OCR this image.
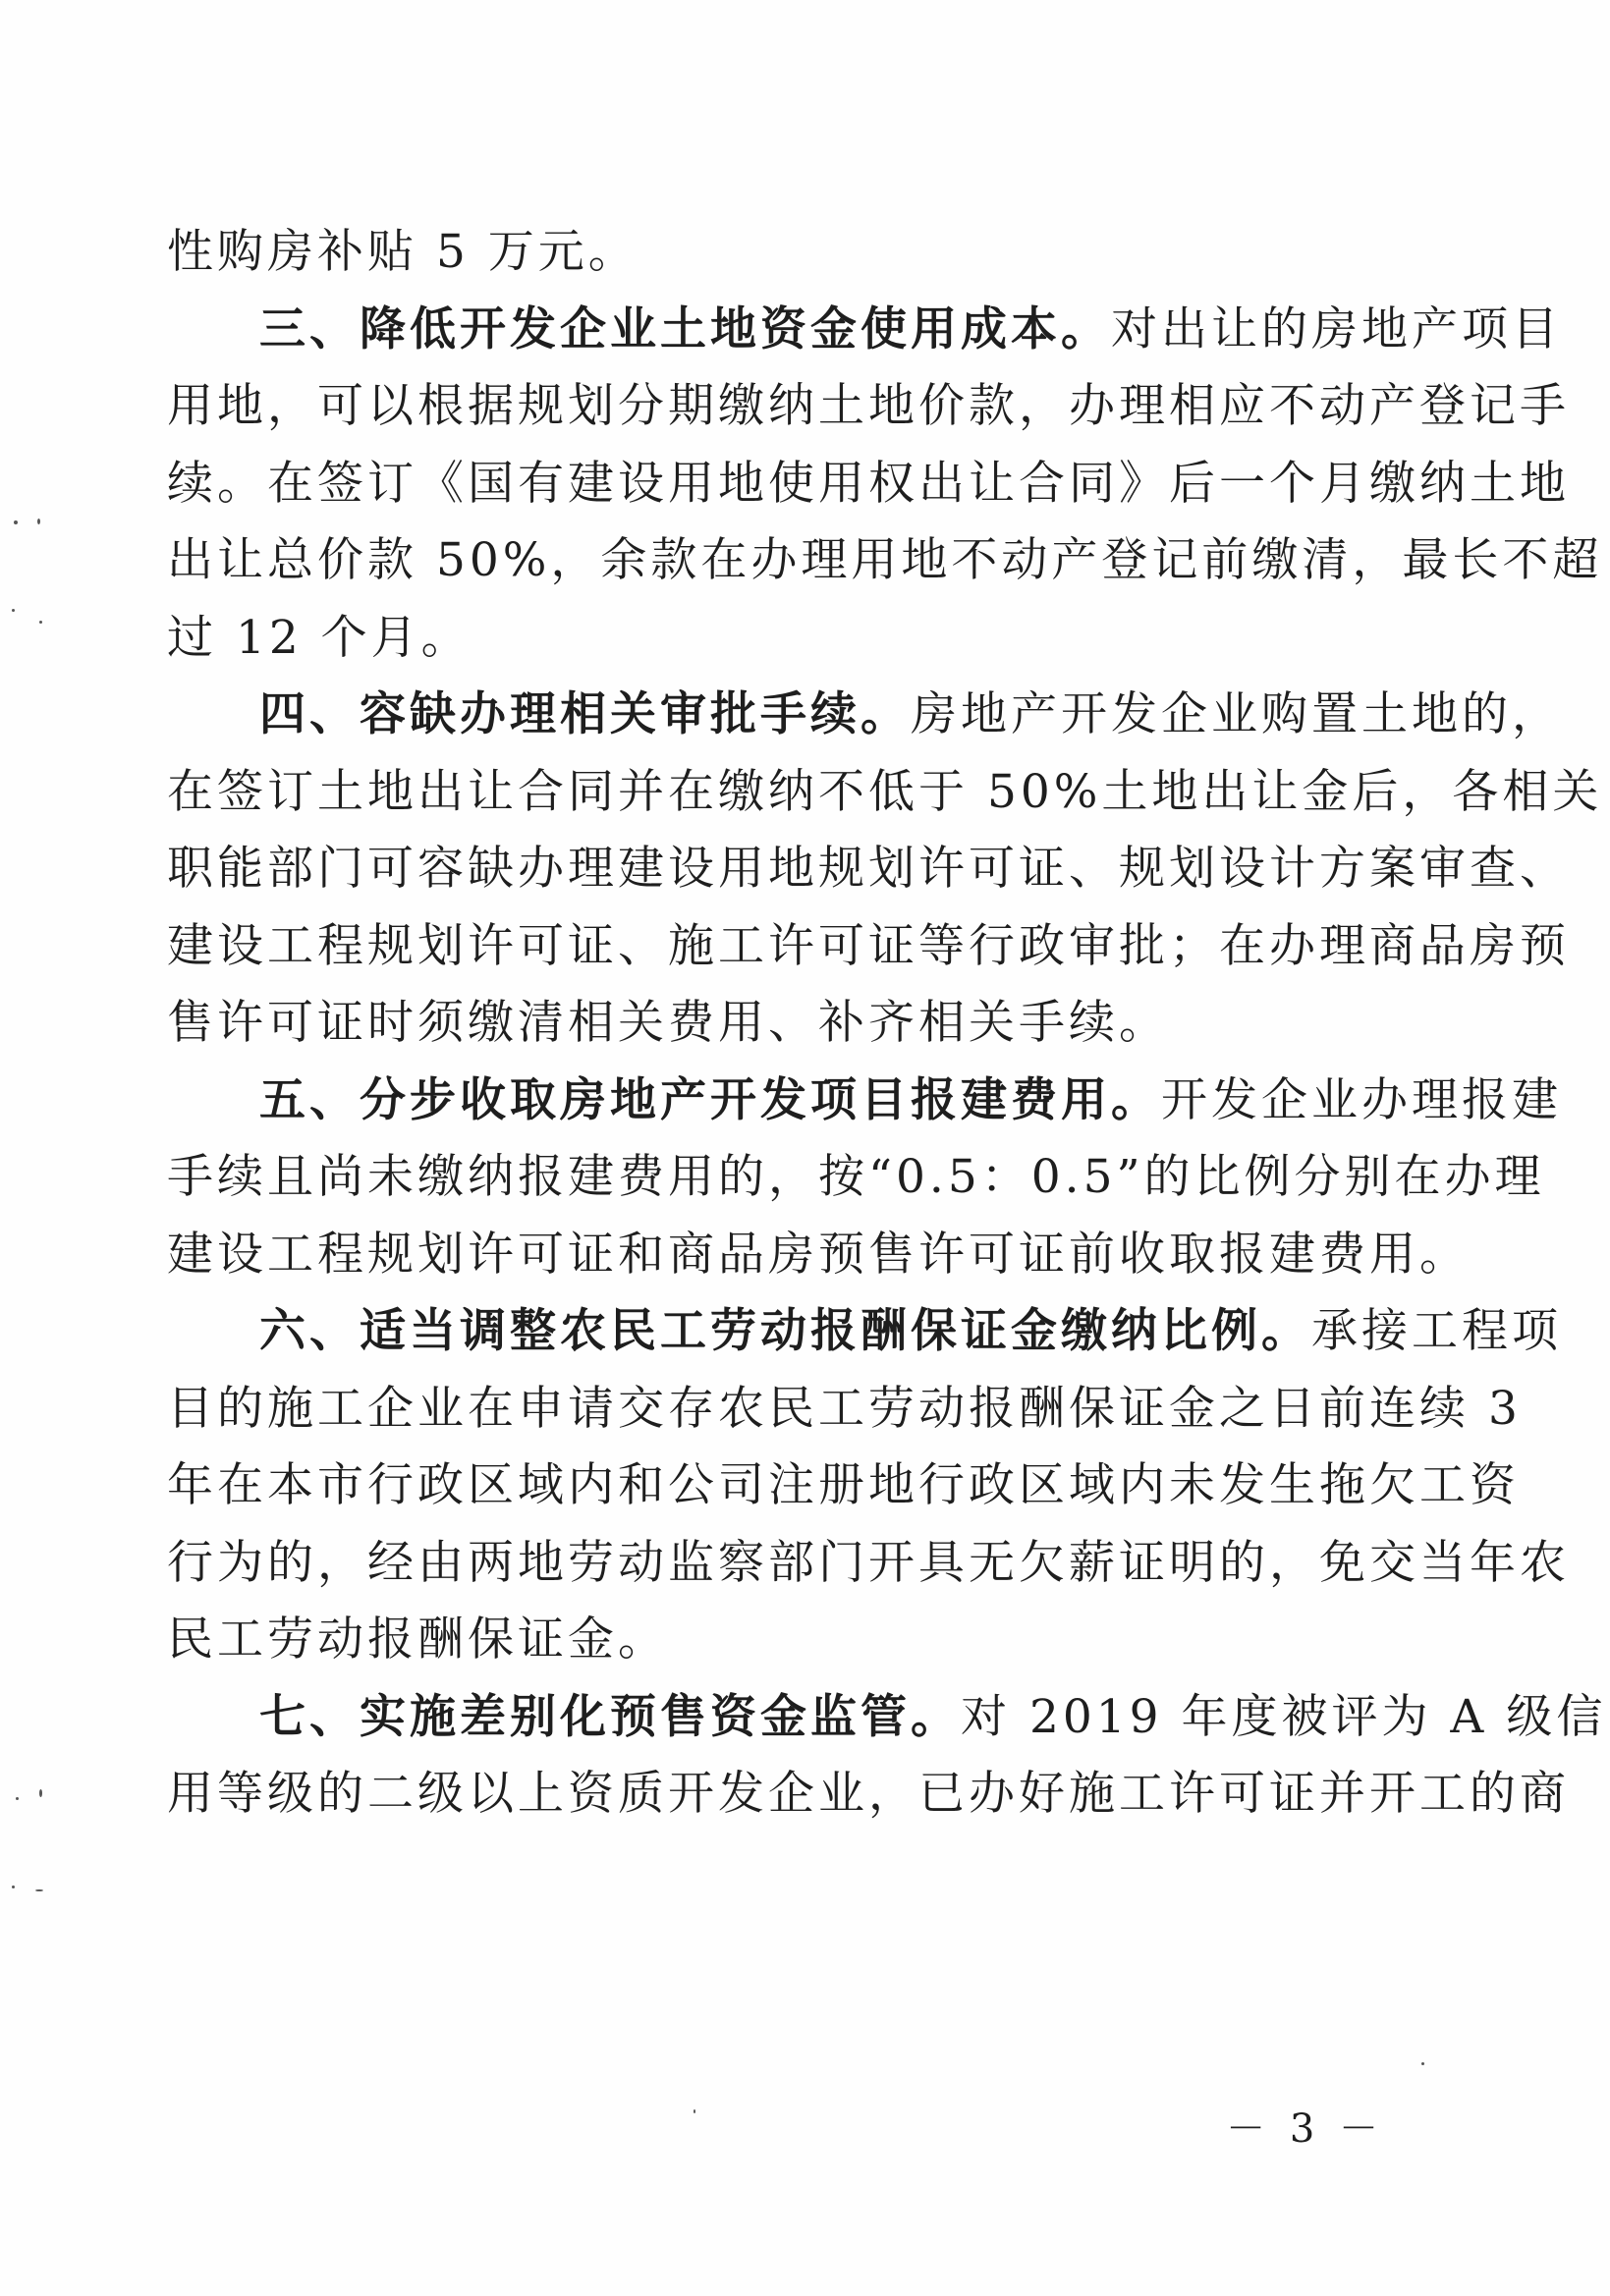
性购房补贴 5 万元。
三、降低开发企业土地资金使用成本。对出让的房地产项目
用地，可以根据规划分期缴纳土地价款，办理相应不动产登记手
续。在签订《国有建设用地使用权出让合同》后一个月缴纳土地
出让总价款 50%，余款在办理用地不动产登记前缴清，最长不超
过 12 个月。
四、容缺办理相关审批手续。房地产开发企业购置土地的，
在签订土地出让合同并在缴纳不低于 50%土地出让金后，各相关
职能部门可容缺办理建设用地规划许可证、规划设计方案审查、
建设工程规划许可证、施工许可证等行政审批；在办理商品房预
售许可证时须缴清相关费用、补齐相关手续。
五、分步收取房地产开发项目报建费用。开发企业办理报建
手续且尚未缴纳报建费用的，按“0.5：0.5”的比例分别在办理
建设工程规划许可证和商品房预售许可证前收取报建费用。
六、适当调整农民工劳动报酬保证金缴纳比例。承接工程项
目的施工企业在申请交存农民工劳动报酬保证金之日前连续 3
年在本市行政区域内和公司注册地行政区域内未发生拖欠工资
行为的，经由两地劳动监察部门开具无欠薪证明的，免交当年农
民工劳动报酬保证金。
七、实施差别化预售资金监管。对 2019 年度被评为 A 级信
用等级的二级以上资质开发企业，已办好施工许可证并开工的商
－ 3 －
